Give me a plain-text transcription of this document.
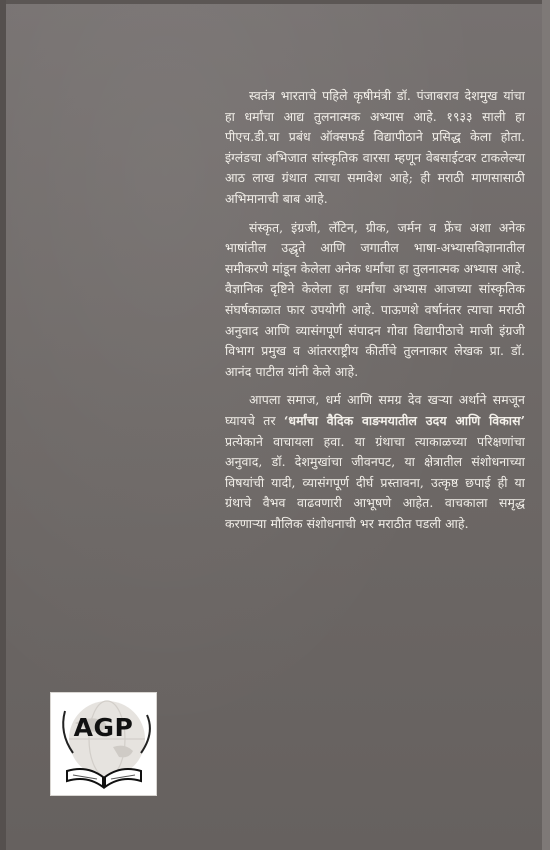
स्वतंत्र भारताचे पहिले कृषीमंत्री डॉ. पंजाबराव देशमुख यांचा हा धर्मांचा आद्य तुलनात्मक अभ्यास आहे. १९३३ साली हा पीएच.डी.चा प्रबंध ऑक्सफर्ड विद्यापीठाने प्रसिद्ध केला होता. इंग्लंडचा अभिजात सांस्कृतिक वारसा म्हणून वेबसाईटवर टाकलेल्या आठ लाख ग्रंथात त्याचा समावेश आहे; ही मराठी माणसासाठी अभिमानाची बाब आहे.

संस्कृत, इंग्रजी, लॅटिन, ग्रीक, जर्मन व फ्रेंच अशा अनेक भाषांतील उद्धृते आणि जगातील भाषा-अभ्यासविज्ञानातील समीकरणे मांडून केलेला अनेक धर्मांचा हा तुलनात्मक अभ्यास आहे. वैज्ञानिक दृष्टिने केलेला हा धर्मांचा अभ्यास आजच्या सांस्कृतिक संघर्षकाळात फार उपयोगी आहे. पाऊणशे वर्षानंतर त्याचा मराठी अनुवाद आणि व्यासंगपूर्ण संपादन गोवा विद्यापीठाचे माजी इंग्रजी विभाग प्रमुख व आंतरराष्ट्रीय कीर्तीचे तुलनाकार लेखक प्रा. डॉ. आनंद पाटील यांनी केले आहे.

आपला समाज, धर्म आणि समग्र देव खऱ्या अर्थाने समजून घ्यायचे तर ‘धर्मांचा वैदिक वाङमयातील उदय आणि विकास’ प्रत्येकाने वाचायला हवा. या ग्रंथाचा त्याकाळच्या परिक्षणांचा अनुवाद, डॉ. देशमुखांचा जीवनपट, या क्षेत्रातील संशोधनाच्या विषयांची यादी, व्यासंगपूर्ण दीर्घ प्रस्तावना, उत्कृष्ठ छपाई ही या ग्रंथाचे वैभव वाढवणारी आभूषणे आहेत. वाचकाला समृद्ध करणाऱ्या मौलिक संशोधनाची भर मराठीत पडली आहे.

AGP
